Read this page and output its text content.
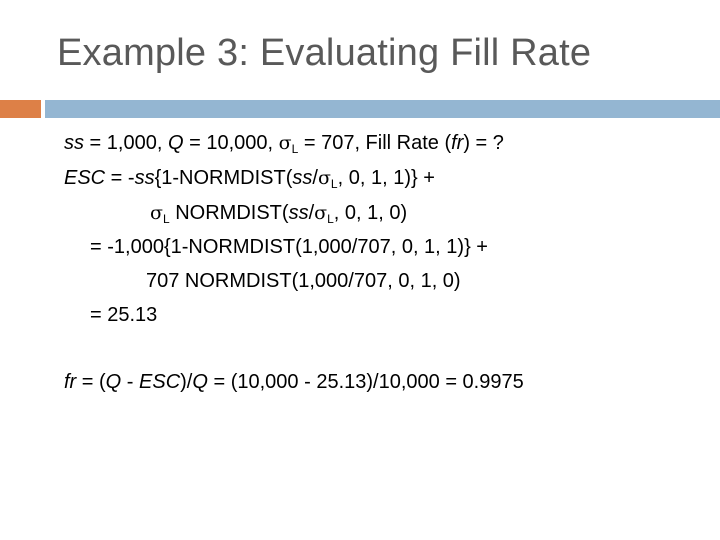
Example 3: Evaluating Fill Rate
ss = 1,000, Q = 10,000, $\sigma_L = 707$, Fill Rate (fr) = ?
ESC = $-ss\{1-NORMDIST(ss/\sigma_L$, 0, 1, 1)} +
$\sigma_L$ $NORMDIST(ss/\sigma_L$, 0, 1, 0)
= -1,000{1-NORMDIST(1,000/707, 0, 1, 1)} +
707 NORMDIST(1,000/707, 0, 1, 0)
= 25.13
fr = (Q - ESC)/Q = (10,000 - 25.13)/10,000 = 0.9975
